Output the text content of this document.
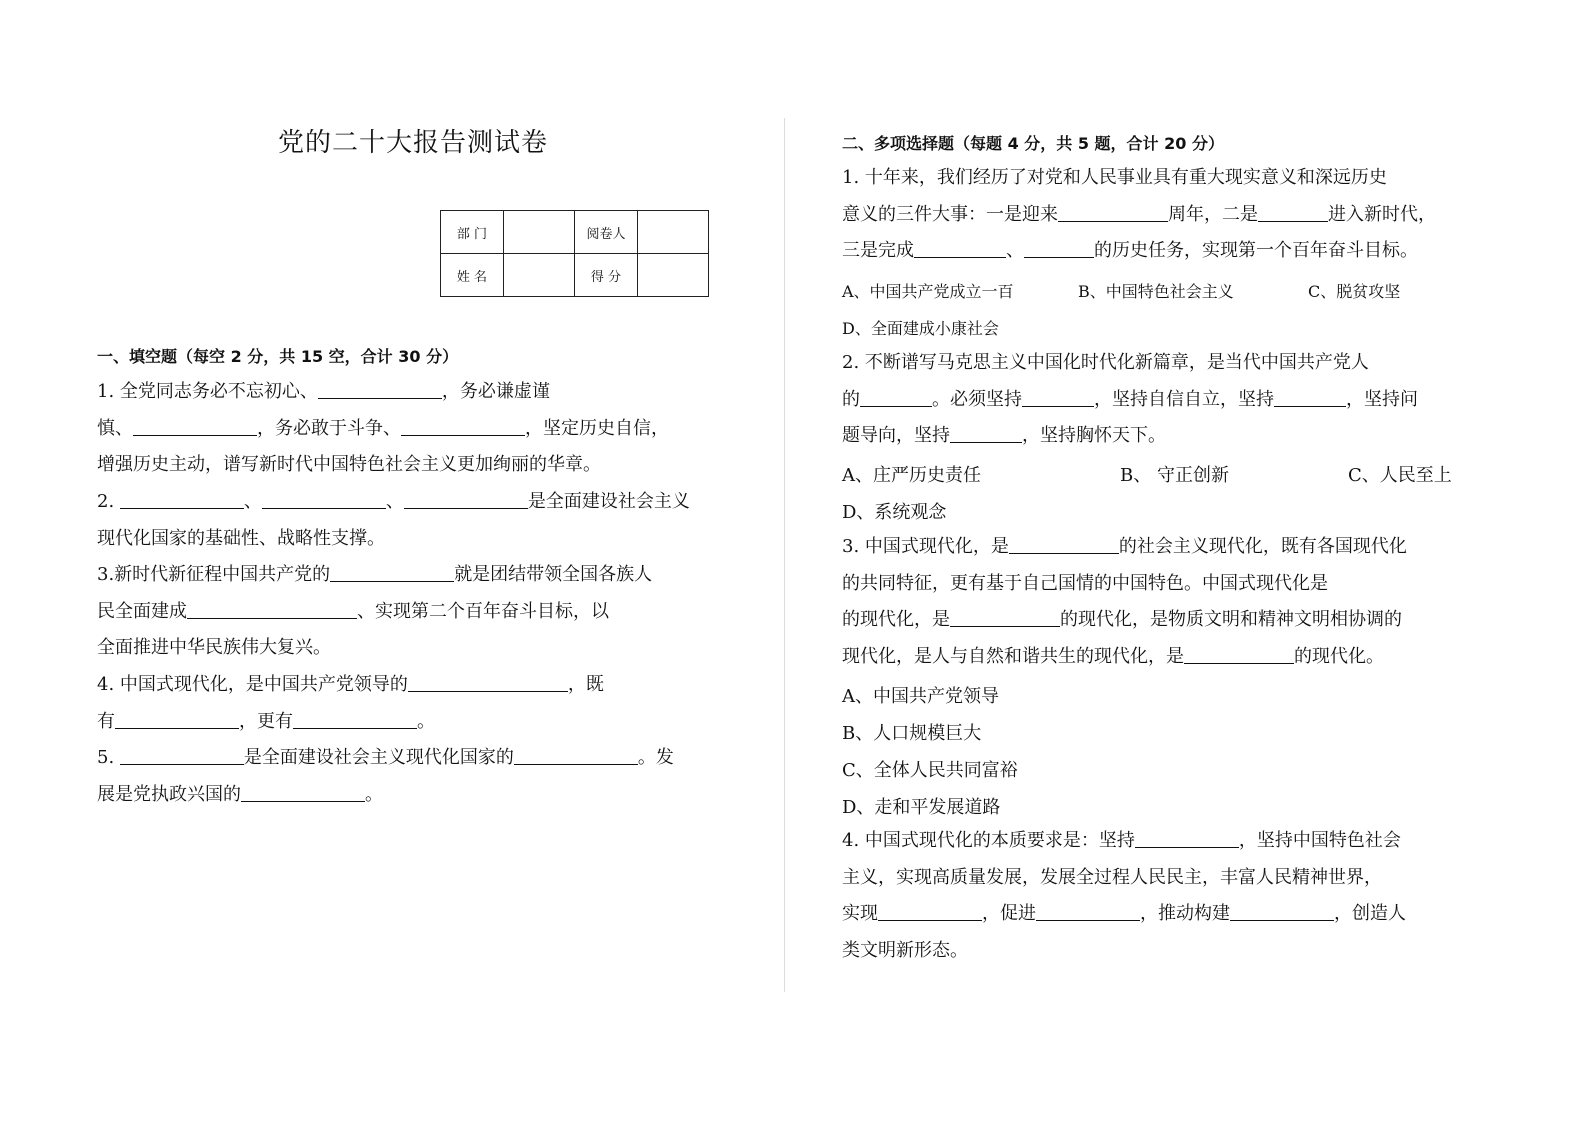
党的二十大报告测试卷
部 门		阅卷人	
姓 名		得 分	
一、填空题（每空 2 分，共 15 空，合计 30 分）
1. 全党同志务必不忘初心、	，务必谦虚谨
慎、	，务必敢于斗争、	，坚定历史自信，
增强历史主动，谱写新时代中国特色社会主义更加绚丽的华章。
2.	、	、	是全面建设社会主义
现代化国家的基础性、战略性支撑。
3.新时代新征程中国共产党的	就是团结带领全国各族人
民全面建成	、实现第二个百年奋斗目标，以
全面推进中华民族伟大复兴。
4. 中国式现代化，是中国共产党领导的	，既
有	，更有	。
5.	是全面建设社会主义现代化国家的	。发
展是党执政兴国的	。
二、多项选择题（每题 4 分，共 5 题，合计 20 分）
1. 十年来，我们经历了对党和人民事业具有重大现实意义和深远历史
意义的三件大事：一是迎来	周年，二是	进入新时代，
三是完成	、	的历史任务，实现第一个百年奋斗目标。
A、中国共产党成立一百	B、中国特色社会主义	C、脱贫攻坚
D、全面建成小康社会
2. 不断谱写马克思主义中国化时代化新篇章，是当代中国共产党人
的	。必须坚持	，坚持自信自立，坚持	，坚持问
题导向，坚持	，坚持胸怀天下。
A、庄严历史责任	B、 守正创新	C、人民至上
D、系统观念
3. 中国式现代化，是	的社会主义现代化，既有各国现代化
的共同特征，更有基于自己国情的中国特色。中国式现代化是
的现代化，是	的现代化，是物质文明和精神文明相协调的
现代化，是人与自然和谐共生的现代化，是	的现代化。
A、中国共产党领导
B、人口规模巨大
C、全体人民共同富裕
D、走和平发展道路
4. 中国式现代化的本质要求是：坚持	，坚持中国特色社会
主义，实现高质量发展，发展全过程人民民主，丰富人民精神世界，
实现	，促进	，推动构建	，创造人
类文明新形态。
